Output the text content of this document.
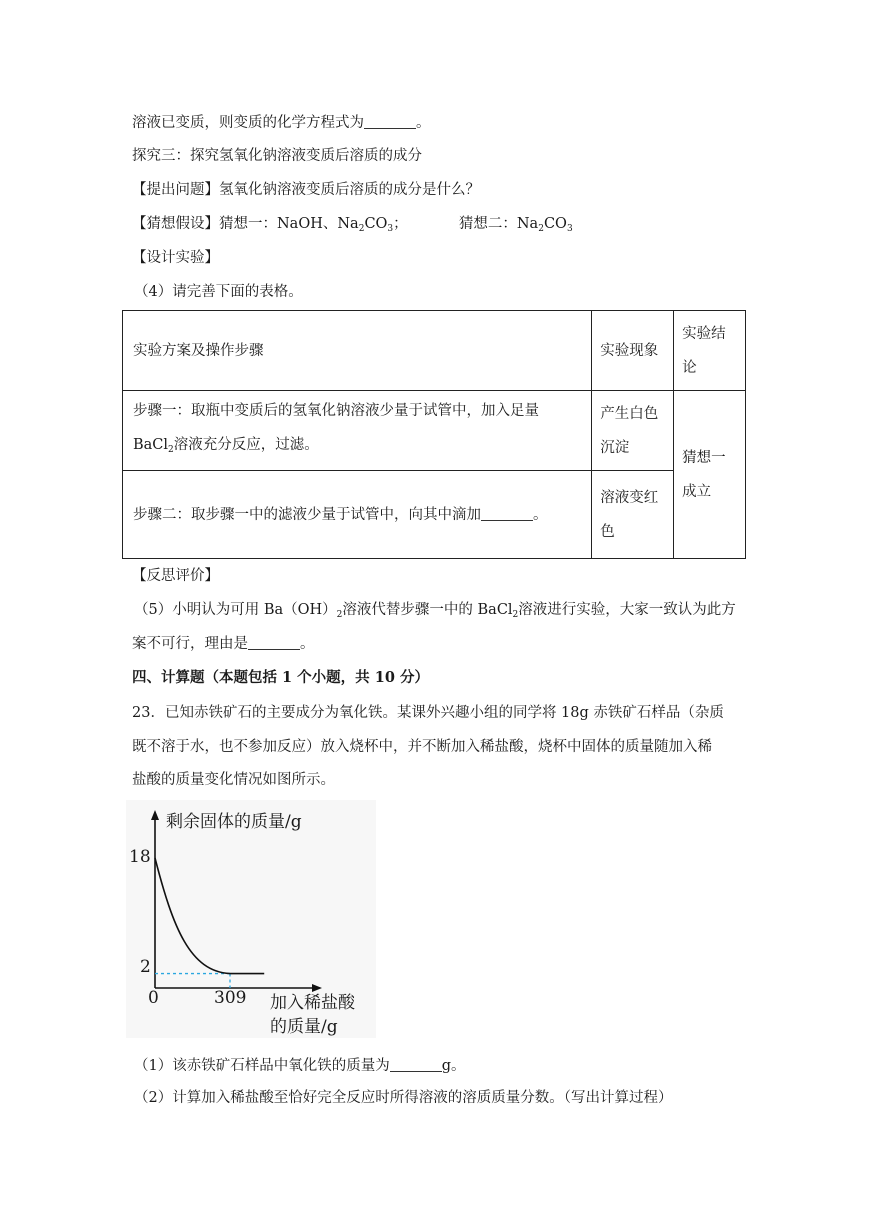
溶液已变质，则变质的化学方程式为	。
探究三：探究氢氧化钠溶液变质后溶质的成分
【提出问题】氢氧化钠溶液变质后溶质的成分是什么？
【猜想假设】猜想一：NaOH、$Na_2CO_3$；	猜想二：$Na_2CO_3$
【设计实验】
（4）请完善下面的表格。
实验方案及操作步骤	实验现象	实验结
论
步骤一：取瓶中变质后的氢氧化钠溶液少量于试管中，加入足量
BaCl$_2$溶液充分反应，过滤。	产生白色
沉淀	猜想一
成立
步骤二：取步骤一中的滤液少量于试管中，向其中滴加 。	溶液变红
色	
【反思评价】
（5）小明认为可用 $Ba(OH)_2$溶液代替步骤一中的 BaCl$_2$溶液进行实验，大家一致认为此方
案不可行，理由是	。
四、计算题（本题包括 1 个小题，共 10 分）
23．已知赤铁矿石的主要成分为氧化铁。某课外兴趣小组的同学将 18g 赤铁矿石样品（杂质
既不溶于水，也不参加反应）放入烧杯中，并不断加入稀盐酸，烧杯中固体的质量随加入稀
盐酸的质量变化情况如图所示。
剩余固体的质量/g
18
2
0	309 加入稀盐酸
的质量/g
（1）该赤铁矿石样品中氧化铁的质量为	g。
（2）计算加入稀盐酸至恰好完全反应时所得溶液的溶质质量分数。（写出计算过程）
